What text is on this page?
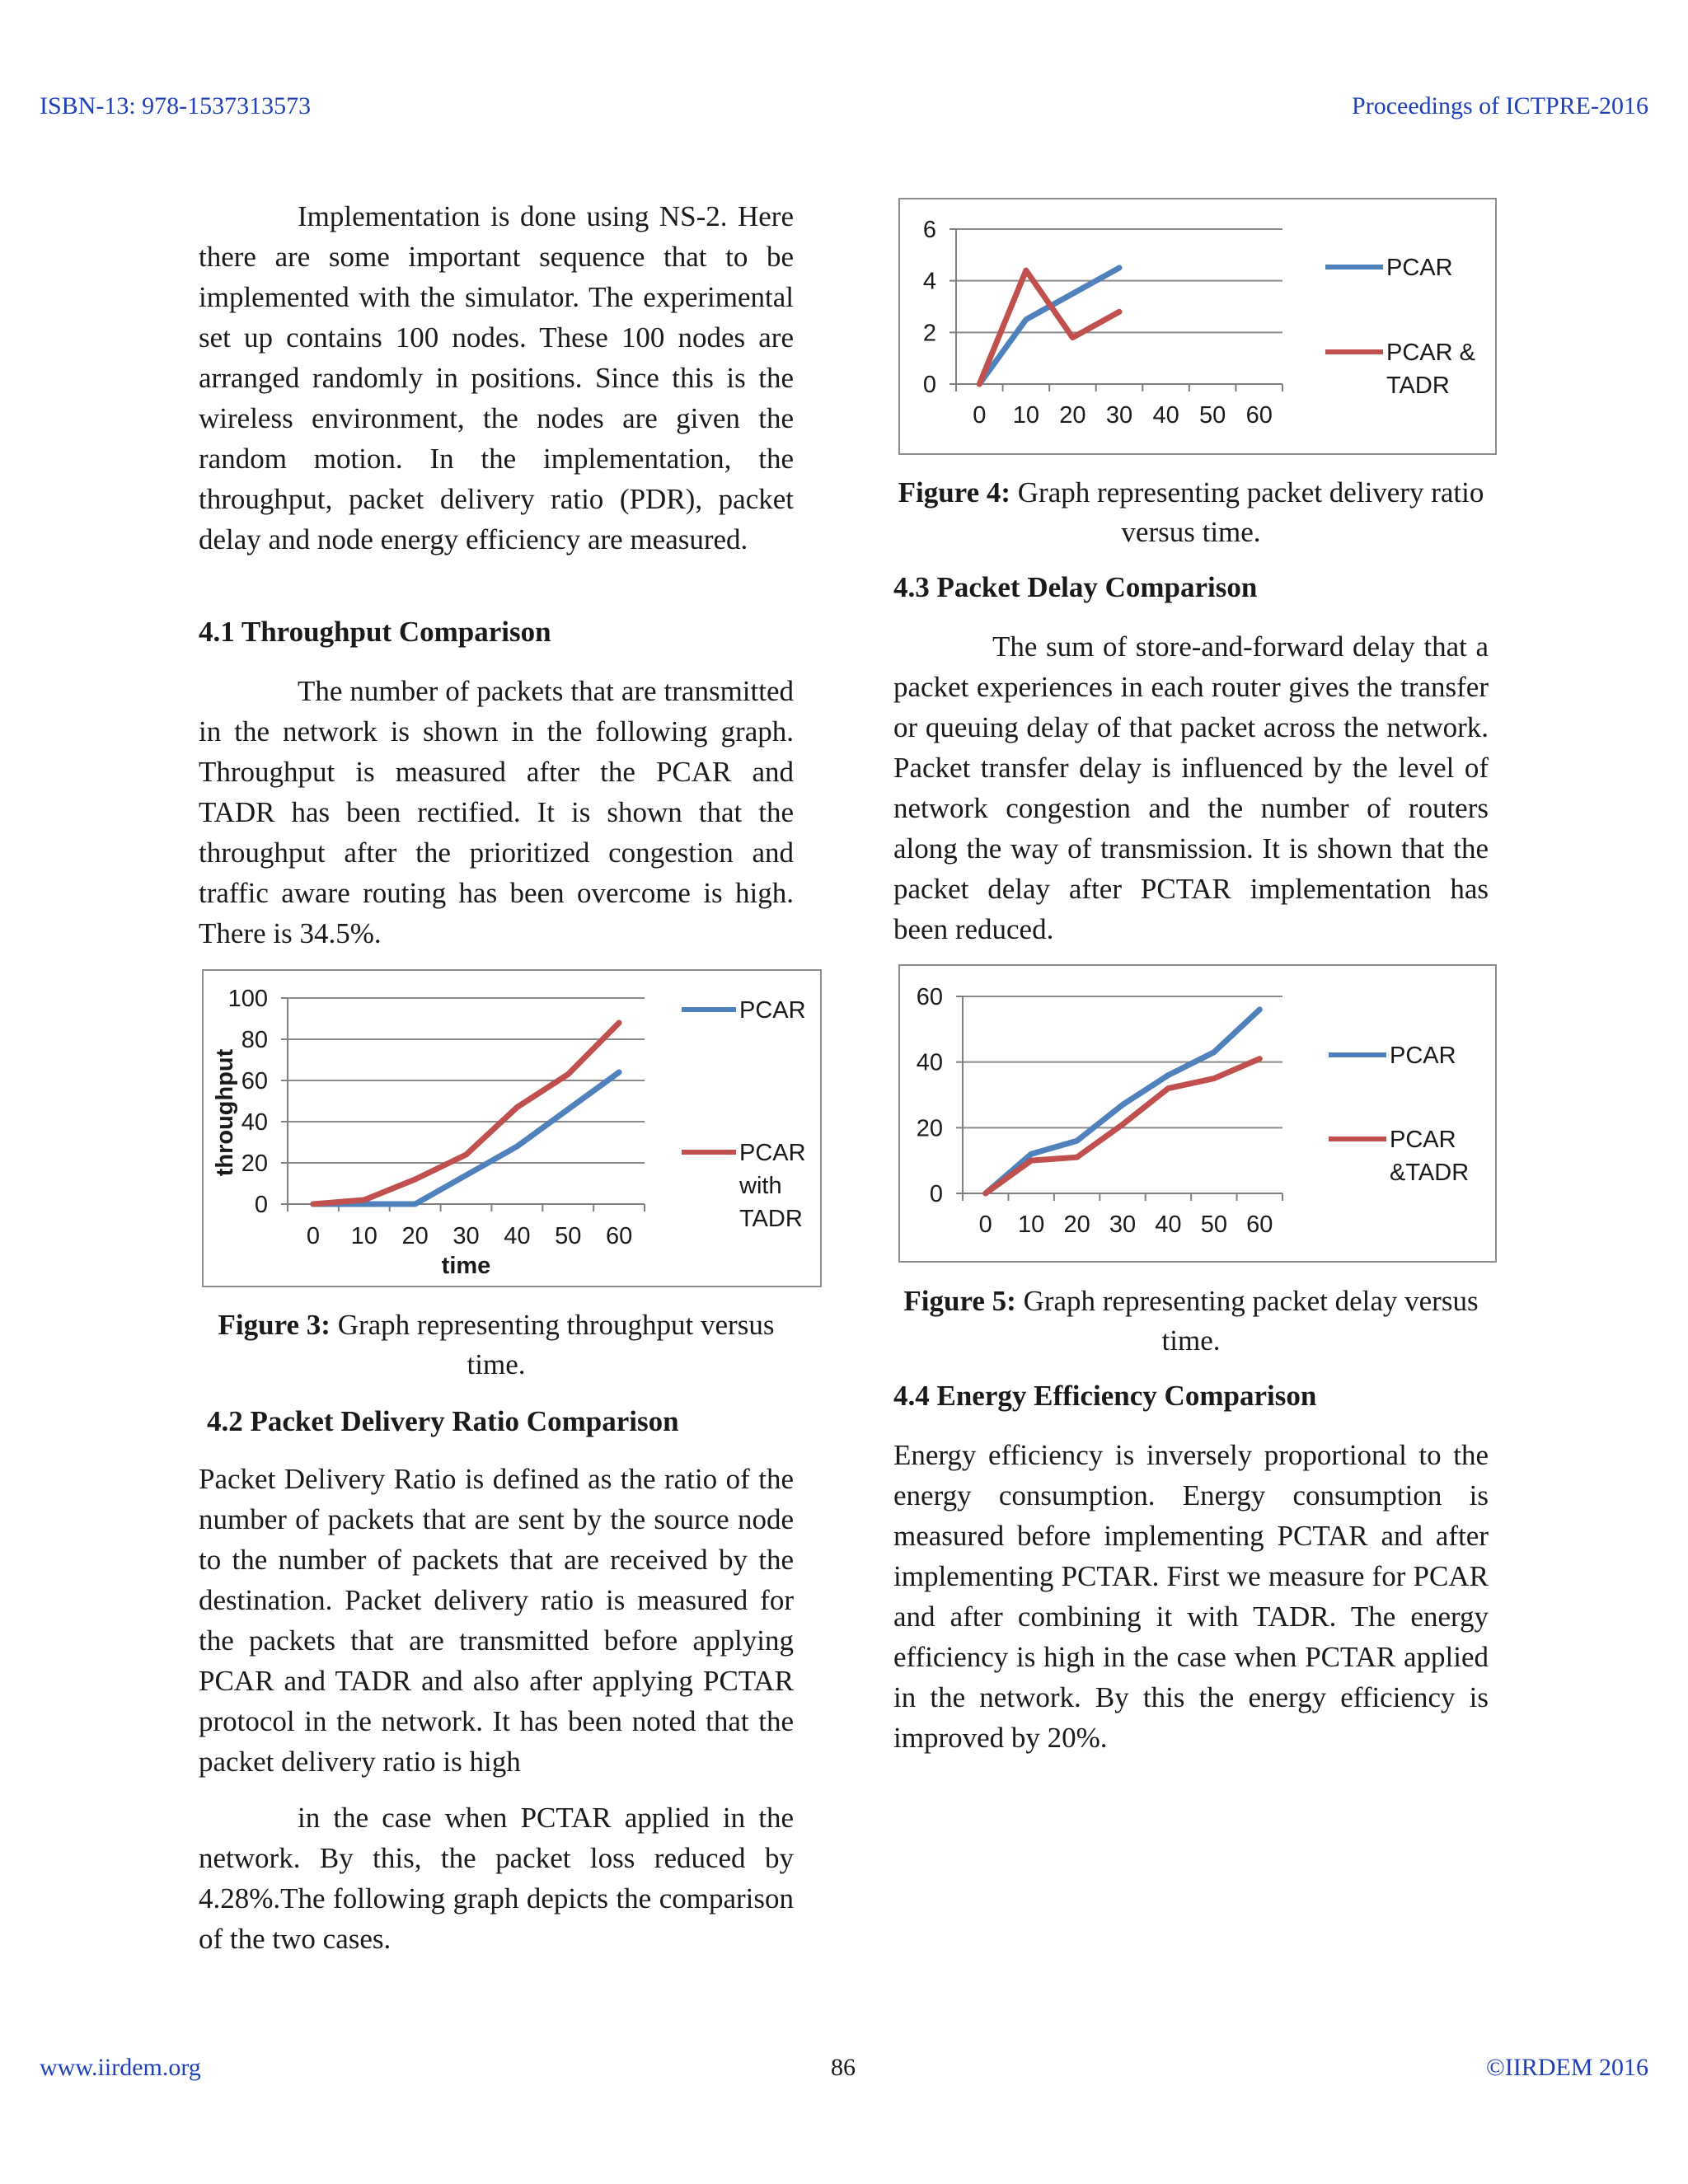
ISBN-13: 978-1537313573	Proceedings of ICTPRE-2016

Implementation is done using NS-2. Here there are some important sequence that to be implemented with the simulator. The experimental set up contains 100 nodes. These 100 nodes are arranged randomly in positions. Since this is the wireless environment, the nodes are given the random motion. In the implementation, the throughput, packet delivery ratio (PDR), packet delay and node energy efficiency are measured.

4.1 Throughput Comparison

The number of packets that are transmitted in the network is shown in the following graph. Throughput is measured after the PCAR and TADR has been rectified. It is shown that the throughput after the prioritized congestion and traffic aware routing has been overcome is high. There is 34.5%.

0
20
40
60
80
100
0 10 20 30 40 50 60
time
throughput
PCAR
PCAR
with
TADR
Figure 3: Graph representing throughput versus time.
4.2 Packet Delivery Ratio Comparison

Packet Delivery Ratio is defined as the ratio of the number of packets that are sent by the source node to the number of packets that are received by the destination. Packet delivery ratio is measured for the packets that are transmitted before applying PCAR and TADR and also after applying PCTAR protocol in the network. It has been noted that the packet delivery ratio is high

in the case when PCTAR applied in the network. By this, the packet loss reduced by 4.28%.The following graph depicts the comparison of the two cases.

0
2
4
6
0 10 20 30 40 50 60
PCAR
PCAR &
TADR
Figure 4: Graph representing packet delivery ratio versus time.
4.3 Packet Delay Comparison

The sum of store-and-forward delay that a packet experiences in each router gives the transfer or queuing delay of that packet across the network. Packet transfer delay is influenced by the level of network congestion and the number of routers along the way of transmission. It is shown that the packet delay after PCTAR implementation has been reduced.

0
20
40
60
0 10 20 30 40 50 60
PCAR
PCAR
&TADR
Figure 5: Graph representing packet delay versus time.
4.4 Energy Efficiency Comparison

Energy efficiency is inversely proportional to the energy consumption. Energy consumption is measured before implementing PCTAR and after implementing PCTAR. First we measure for PCAR and after combining it with TADR. The energy efficiency is high in the case when PCTAR applied in the network. By this the energy efficiency is improved by 20%.

www.iirdem.org	86	©IIRDEM 2016
